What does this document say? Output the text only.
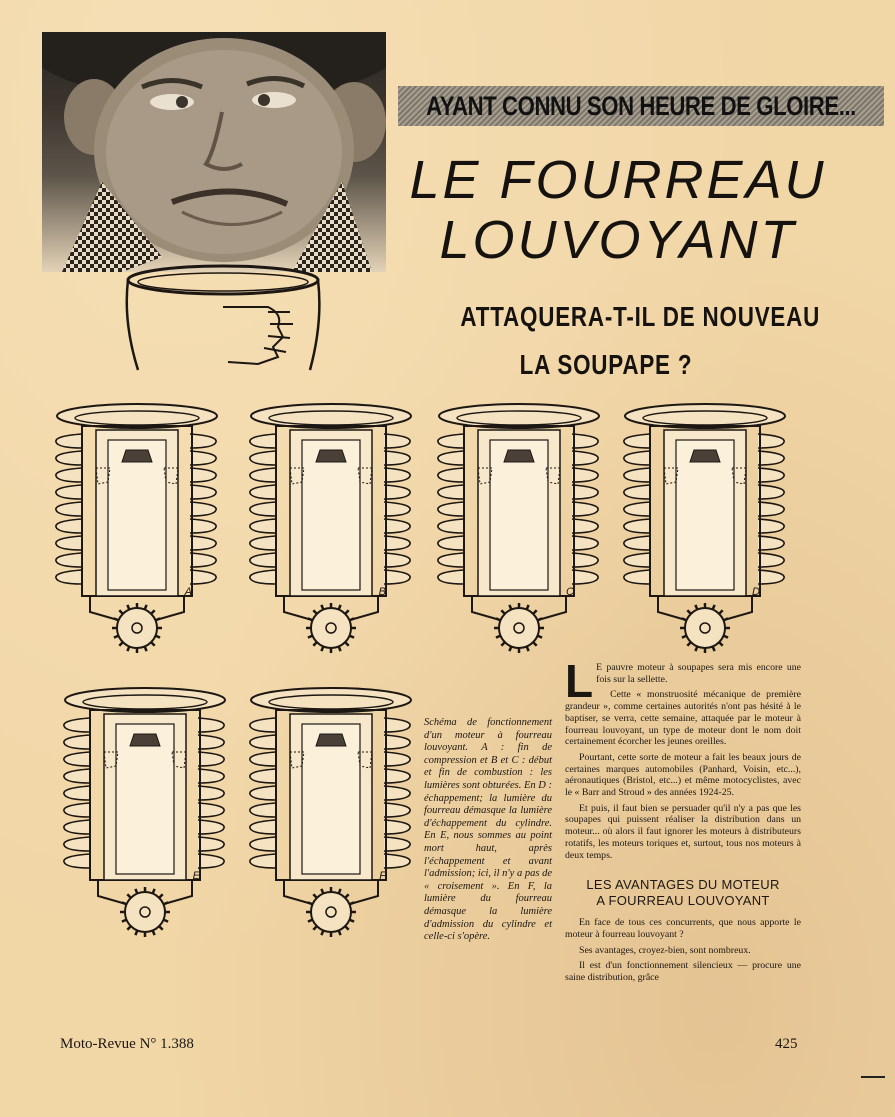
AYANT CONNU SON HEURE DE GLOIRE...
LE FOURREAU
LOUVOYANT
ATTAQUERA-T-IL DE NOUVEAU
LA SOUPAPE ?
A	B	C	D
E	F
Schéma de fonctionnement d'un moteur à fourreau louvoyant. A : fin de compression et B et C : début et fin de combustion : les lumières sont obturées. En D : échappement; la lumière du fourreau démasque la lumière d'échappement du cylindre. En E, nous sommes au point mort haut, après l'échappement et avant l'admission; ici, il n'y a pas de « croisement ». En F, la lumière du fourreau démasque la lumière d'admission du cylindre et celle-ci s'opère.

L E pauvre moteur à soupapes sera mis encore une fois sur la sellette.

Cette « monstruosité mécanique de première grandeur », comme certaines autorités n'ont pas hésité à le baptiser, se verra, cette semaine, attaquée par le moteur à fourreau louvoyant, un type de moteur dont le nom doit certainement écorcher les jeunes oreilles.

Pourtant, cette sorte de moteur a fait les beaux jours de certaines marques automobiles (Panhard, Voisin, etc...), aéronautiques (Bristol, etc...) et même motocyclistes, avec le « Barr and Stroud » des années 1924-25.

Et puis, il faut bien se persuader qu'il n'y a pas que les soupapes qui puissent réaliser la distribution dans un moteur... où alors il faut ignorer les moteurs à distributeurs rotatifs, les moteurs toriques et, surtout, tous nos moteurs à deux temps.

LES AVANTAGES DU MOTEUR
A FOURREAU LOUVOYANT

En face de tous ces concurrents, que nous apporte le moteur à fourreau louvoyant ?

Ses avantages, croyez-bien, sont nombreux.

Il est d'un fonctionnement silencieux — procure une saine distribution, grâce

Moto-Revue N° 1.388	425
